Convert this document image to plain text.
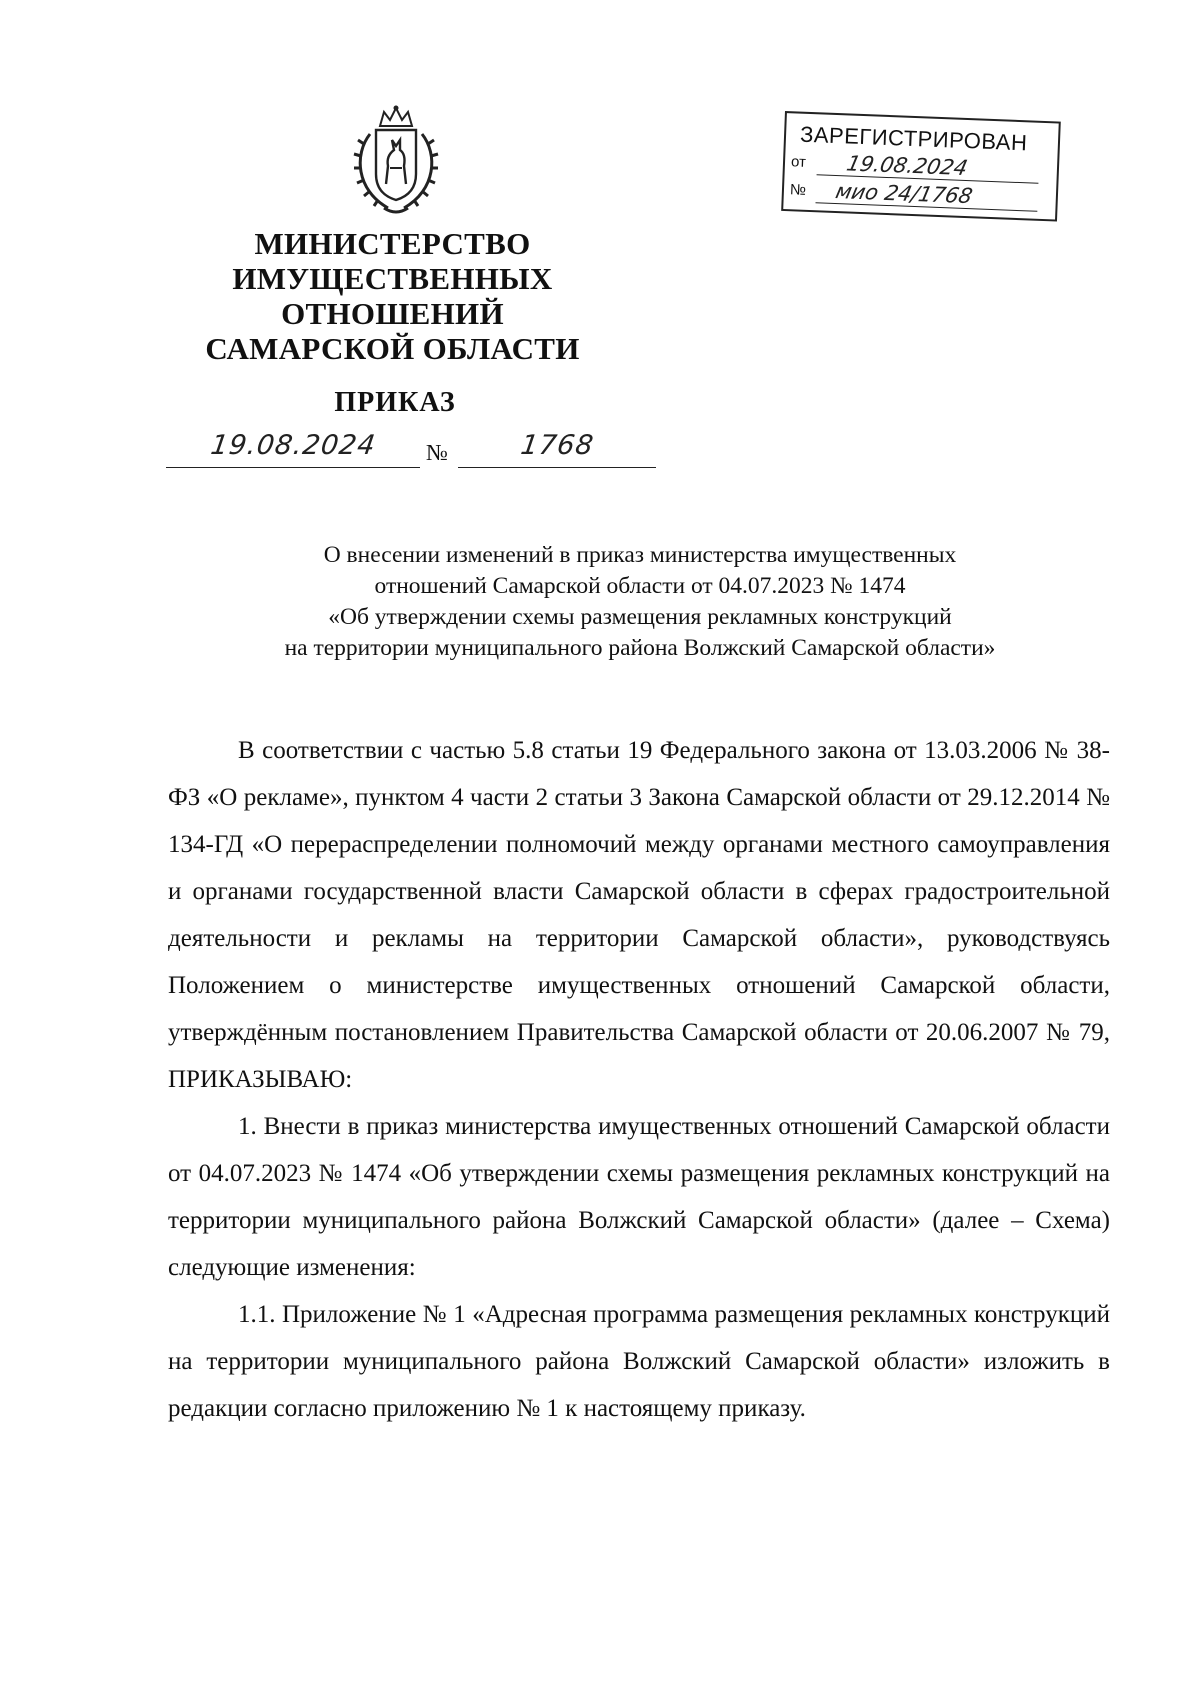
МИНИСТЕРСТВО
ИМУЩЕСТВЕННЫХ
ОТНОШЕНИЙ
САМАРСКОЙ ОБЛАСТИ
ПРИКАЗ
19.08.2024	№	1768
ЗАРЕГИСТРИРОВАН
от 19.08.2024
№ мио 24/1768
О внесении изменений в приказ министерства имущественных
отношений Самарской области от 04.07.2023 № 1474
«Об утверждении схемы размещения рекламных конструкций
на территории муниципального района Волжский Самарской области»

В соответствии с частью 5.8 статьи 19 Федерального закона от 13.03.2006 № 38-ФЗ «О рекламе», пунктом 4 части 2 статьи 3 Закона Самарской области от 29.12.2014 № 134-ГД «О перераспределении полномочий между органами местного самоуправления и органами государственной власти Самарской области в сферах градостроительной деятельности и рекламы на территории Самарской области», руководствуясь Положением о министерстве имущественных отношений Самарской области, утверждённым постановлением Правительства Самарской области от 20.06.2007 № 79, ПРИКАЗЫВАЮ:

1. Внести в приказ министерства имущественных отношений Самарской области от 04.07.2023 № 1474 «Об утверждении схемы размещения рекламных конструкций на территории муниципального района Волжский Самарской области» (далее – Схема) следующие изменения:

1.1. Приложение № 1 «Адресная программа размещения рекламных конструкций на территории муниципального района Волжский Самарской области» изложить в редакции согласно приложению № 1 к настоящему приказу.
